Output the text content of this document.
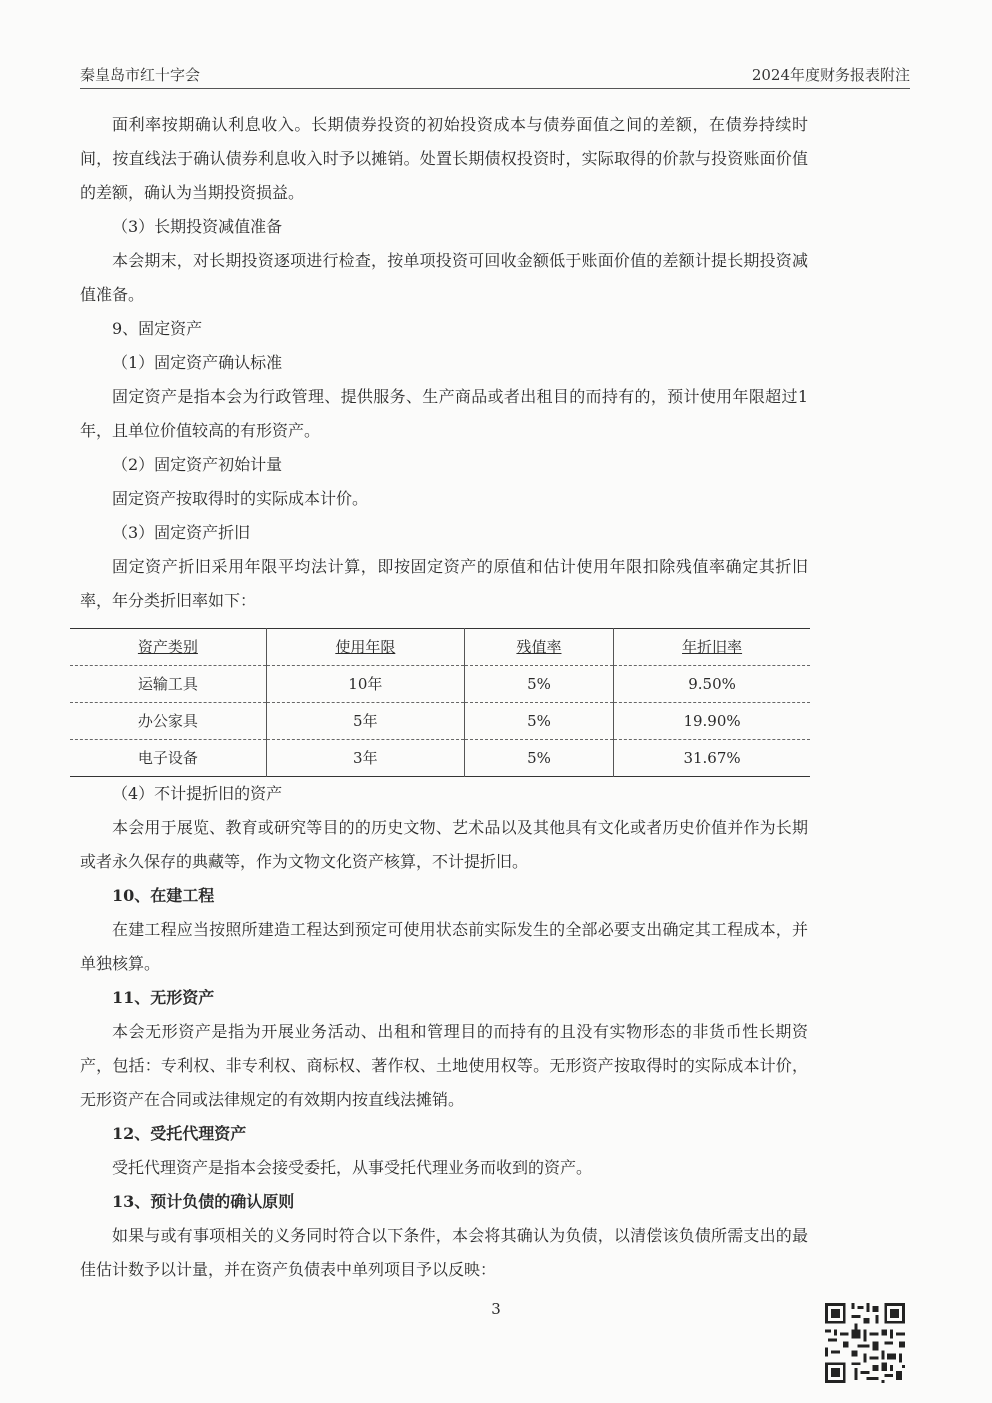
秦皇岛市红十字会	2024年度财务报表附注

面利率按期确认利息收入。长期债券投资的初始投资成本与债券面值之间的差额，在债券持续时间，按直线法于确认债券利息收入时予以摊销。处置长期债权投资时，实际取得的价款与投资账面价值的差额，确认为当期投资损益。

（3）长期投资减值准备

本会期末，对长期投资逐项进行检查，按单项投资可回收金额低于账面价值的差额计提长期投资减值准备。

9、固定资产

（1）固定资产确认标准

固定资产是指本会为行政管理、提供服务、生产商品或者出租目的而持有的，预计使用年限超过1年，且单位价值较高的有形资产。

（2）固定资产初始计量

固定资产按取得时的实际成本计价。

（3）固定资产折旧

固定资产折旧采用年限平均法计算，即按固定资产的原值和估计使用年限扣除残值率确定其折旧率，年分类折旧率如下：

资产类别	使用年限	残值率	年折旧率
运输工具	10年	5%	9.50%
办公家具	5年	5%	19.90%
电子设备	3年	5%	31.67%

（4）不计提折旧的资产

本会用于展览、教育或研究等目的的历史文物、艺术品以及其他具有文化或者历史价值并作为长期或者永久保存的典藏等，作为文物文化资产核算，不计提折旧。

10、在建工程

在建工程应当按照所建造工程达到预定可使用状态前实际发生的全部必要支出确定其工程成本，并单独核算。

11、无形资产

本会无形资产是指为开展业务活动、出租和管理目的而持有的且没有实物形态的非货币性长期资产，包括：专利权、非专利权、商标权、著作权、土地使用权等。无形资产按取得时的实际成本计价，无形资产在合同或法律规定的有效期内按直线法摊销。

12、受托代理资产

受托代理资产是指本会接受委托，从事受托代理业务而收到的资产。

13、预计负债的确认原则

如果与或有事项相关的义务同时符合以下条件，本会将其确认为负债，以清偿该负债所需支出的最佳估计数予以计量，并在资产负债表中单列项目予以反映：

3
